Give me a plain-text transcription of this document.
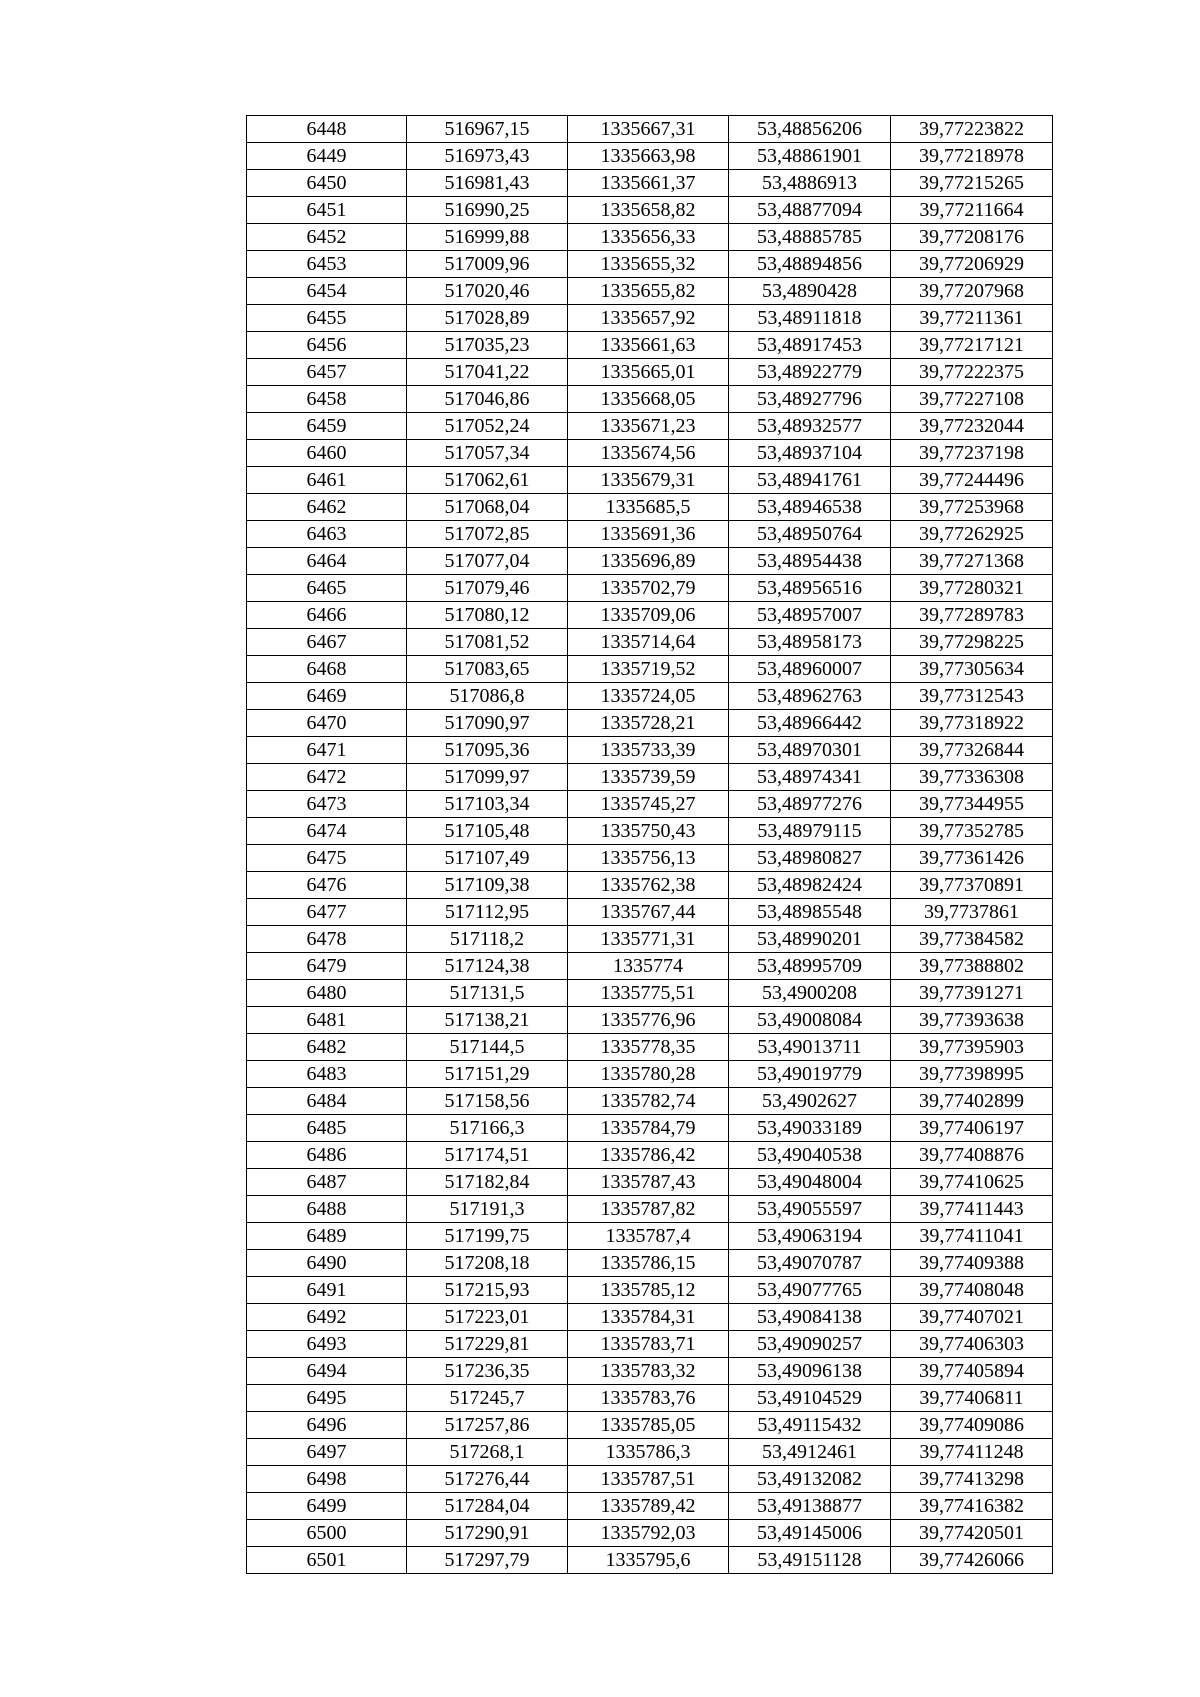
6448	516967,15	1335667,31	53,48856206	39,77223822
6449	516973,43	1335663,98	53,48861901	39,77218978
6450	516981,43	1335661,37	53,4886913	39,77215265
6451	516990,25	1335658,82	53,48877094	39,77211664
6452	516999,88	1335656,33	53,48885785	39,77208176
6453	517009,96	1335655,32	53,48894856	39,77206929
6454	517020,46	1335655,82	53,4890428	39,77207968
6455	517028,89	1335657,92	53,48911818	39,77211361
6456	517035,23	1335661,63	53,48917453	39,77217121
6457	517041,22	1335665,01	53,48922779	39,77222375
6458	517046,86	1335668,05	53,48927796	39,77227108
6459	517052,24	1335671,23	53,48932577	39,77232044
6460	517057,34	1335674,56	53,48937104	39,77237198
6461	517062,61	1335679,31	53,48941761	39,77244496
6462	517068,04	1335685,5	53,48946538	39,77253968
6463	517072,85	1335691,36	53,48950764	39,77262925
6464	517077,04	1335696,89	53,48954438	39,77271368
6465	517079,46	1335702,79	53,48956516	39,77280321
6466	517080,12	1335709,06	53,48957007	39,77289783
6467	517081,52	1335714,64	53,48958173	39,77298225
6468	517083,65	1335719,52	53,48960007	39,77305634
6469	517086,8	1335724,05	53,48962763	39,77312543
6470	517090,97	1335728,21	53,48966442	39,77318922
6471	517095,36	1335733,39	53,48970301	39,77326844
6472	517099,97	1335739,59	53,48974341	39,77336308
6473	517103,34	1335745,27	53,48977276	39,77344955
6474	517105,48	1335750,43	53,48979115	39,77352785
6475	517107,49	1335756,13	53,48980827	39,77361426
6476	517109,38	1335762,38	53,48982424	39,77370891
6477	517112,95	1335767,44	53,48985548	39,7737861
6478	517118,2	1335771,31	53,48990201	39,77384582
6479	517124,38	1335774	53,48995709	39,77388802
6480	517131,5	1335775,51	53,4900208	39,77391271
6481	517138,21	1335776,96	53,49008084	39,77393638
6482	517144,5	1335778,35	53,49013711	39,77395903
6483	517151,29	1335780,28	53,49019779	39,77398995
6484	517158,56	1335782,74	53,4902627	39,77402899
6485	517166,3	1335784,79	53,49033189	39,77406197
6486	517174,51	1335786,42	53,49040538	39,77408876
6487	517182,84	1335787,43	53,49048004	39,77410625
6488	517191,3	1335787,82	53,49055597	39,77411443
6489	517199,75	1335787,4	53,49063194	39,77411041
6490	517208,18	1335786,15	53,49070787	39,77409388
6491	517215,93	1335785,12	53,49077765	39,77408048
6492	517223,01	1335784,31	53,49084138	39,77407021
6493	517229,81	1335783,71	53,49090257	39,77406303
6494	517236,35	1335783,32	53,49096138	39,77405894
6495	517245,7	1335783,76	53,49104529	39,77406811
6496	517257,86	1335785,05	53,49115432	39,77409086
6497	517268,1	1335786,3	53,4912461	39,77411248
6498	517276,44	1335787,51	53,49132082	39,77413298
6499	517284,04	1335789,42	53,49138877	39,77416382
6500	517290,91	1335792,03	53,49145006	39,77420501
6501	517297,79	1335795,6	53,49151128	39,77426066
